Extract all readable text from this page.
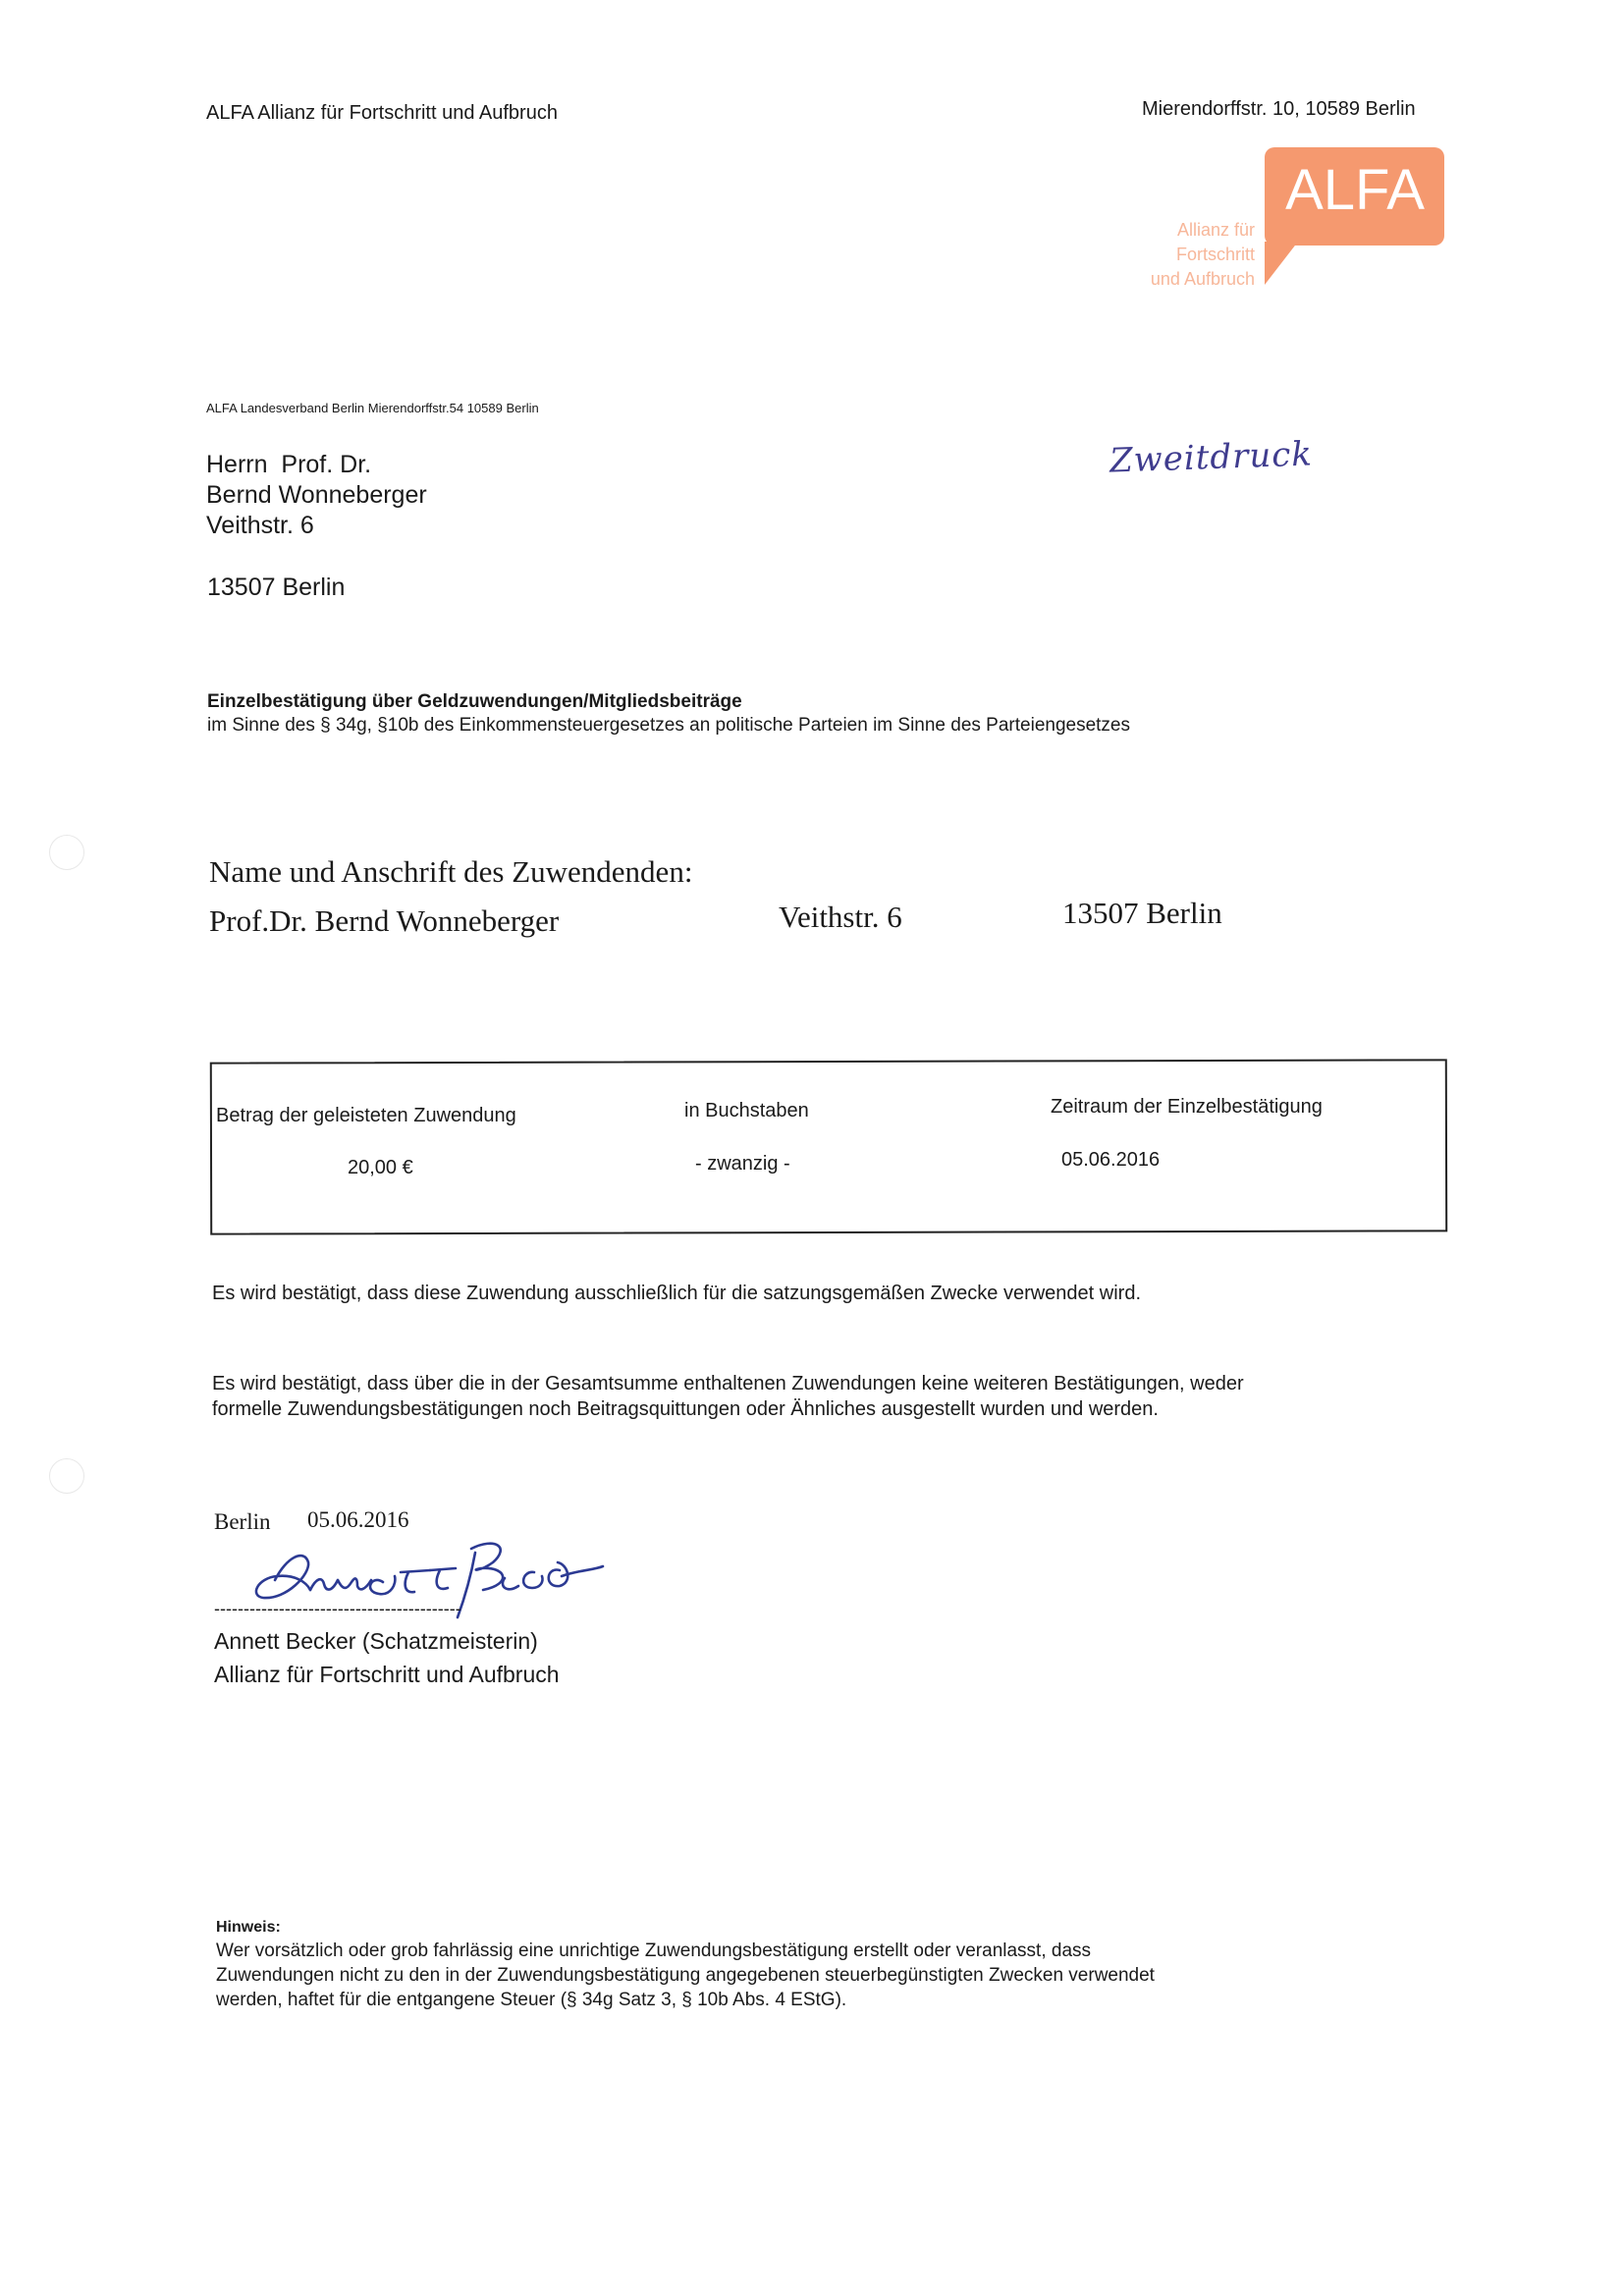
ALFA Allianz für Fortschritt und Aufbruch	Mierendorffstr. 10, 10589 Berlin
ALFA
Allianz für
Fortschritt
und Aufbruch
ALFA Landesverband Berlin Mierendorffstr.54 10589 Berlin
Herrn  Prof. Dr.
Bernd Wonneberger
Veithstr. 6
13507 Berlin
Zweitdruck
Einzelbestätigung über Geldzuwendungen/Mitgliedsbeiträge
im Sinne des § 34g, §10b des Einkommensteuergesetzes an politische Parteien im Sinne des Parteiengesetzes
Name und Anschrift des Zuwendenden:
Prof.Dr. Bernd Wonneberger	Veithstr. 6	13507 Berlin
Betrag der geleisteten Zuwendung	in Buchstaben	Zeitraum der Einzelbestätigung
20,00 €	- zwanzig -	05.06.2016
Es wird bestätigt, dass diese Zuwendung ausschließlich für die satzungsgemäßen Zwecke verwendet wird.
Es wird bestätigt, dass über die in der Gesamtsumme enthaltenen Zuwendungen keine weiteren Bestätigungen, weder
formelle Zuwendungsbestätigungen noch Beitragsquittungen oder Ähnliches ausgestellt wurden und werden.
Berlin 05.06.2016
------------------------------------------
Annett Becker (Schatzmeisterin)
Allianz für Fortschritt und Aufbruch
Hinweis:
Wer vorsätzlich oder grob fahrlässig eine unrichtige Zuwendungsbestätigung erstellt oder veranlasst, dass
Zuwendungen nicht zu den in der Zuwendungsbestätigung angegebenen steuerbegünstigten Zwecken verwendet
werden, haftet für die entgangene Steuer (§ 34g Satz 3, § 10b Abs. 4 EStG).
